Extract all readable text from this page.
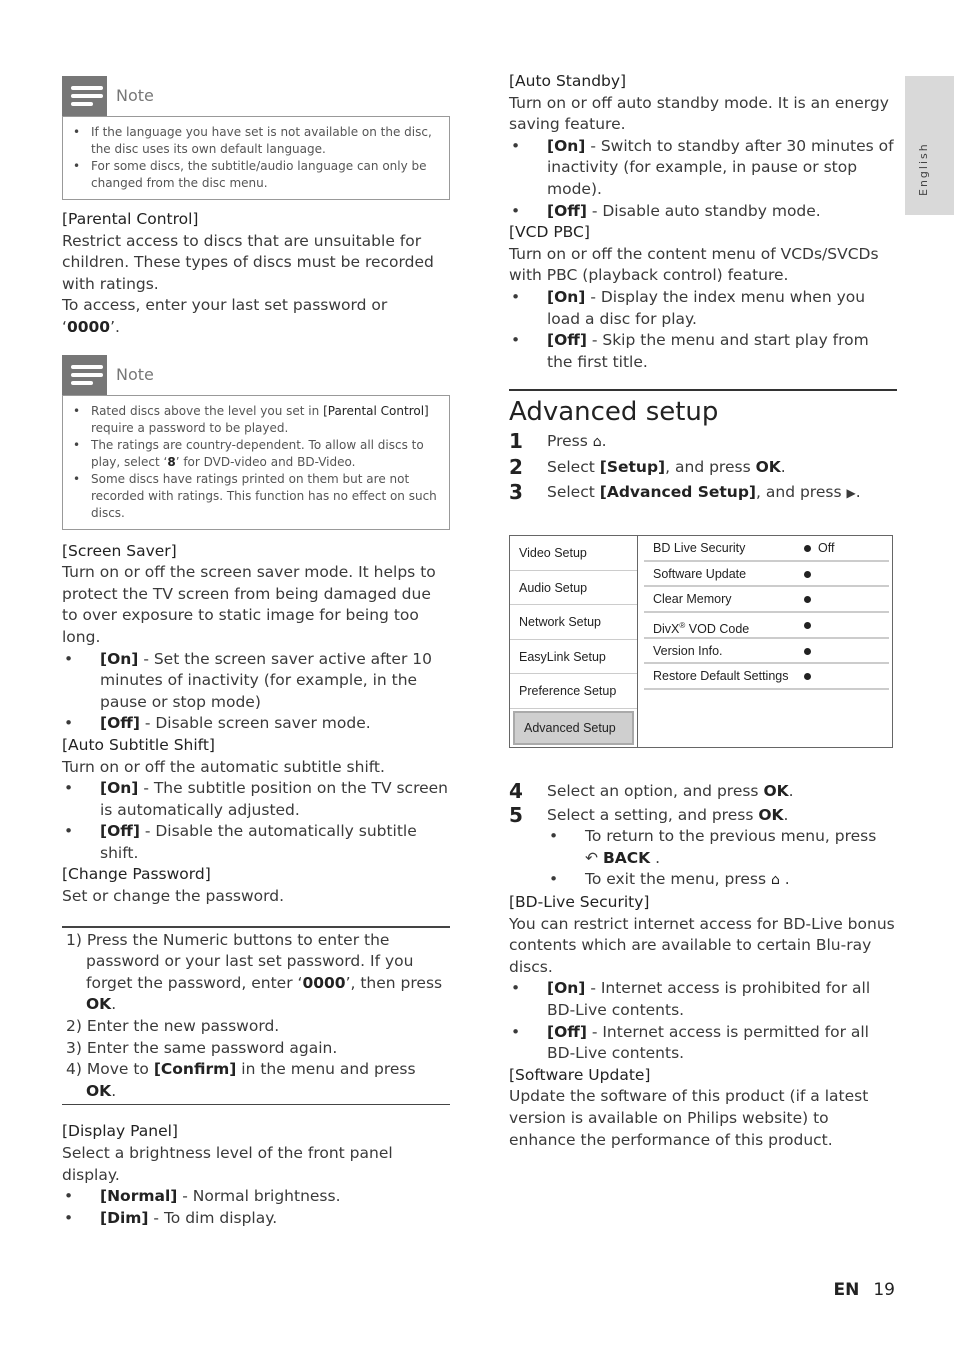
English
Note
• If the language you have set is not available on the disc, the disc uses its own default language.
• For some discs, the subtitle/audio language can only be changed from the disc menu.
[Parental Control]
Restrict access to discs that are unsuitable for children. These types of discs must be recorded with ratings.
To access, enter your last set password or ‘0000’.
Note
• Rated discs above the level you set in [Parental Control] require a password to be played.
• The ratings are country-dependent. To allow all discs to play, select ‘8’ for DVD-video and BD-Video.
• Some discs have ratings printed on them but are not recorded with ratings. This function has no effect on such discs.
[Screen Saver]
Turn on or off the screen saver mode. It helps to protect the TV screen from being damaged due to over exposure to static image for being too long.
• [On] - Set the screen saver active after 10 minutes of inactivity (for example, in the pause or stop mode)
• [Off] - Disable screen saver mode.
[Auto Subtitle Shift]
Turn on or off the automatic subtitle shift.
• [On] - The subtitle position on the TV screen is automatically adjusted.
• [Off] - Disable the automatically subtitle shift.
[Change Password]
Set or change the password.
1) Press the Numeric buttons to enter the password or your last set password. If you forget the password, enter ‘0000’, then press OK.
2) Enter the new password.
3) Enter the same password again.
4) Move to [Confirm] in the menu and press OK.
[Display Panel]
Select a brightness level of the front panel display.
• [Normal] - Normal brightness.
• [Dim] - To dim display.
[Auto Standby]
Turn on or off auto standby mode. It is an energy saving feature.
• [On] - Switch to standby after 30 minutes of inactivity (for example, in pause or stop mode).
• [Off] - Disable auto standby mode.
[VCD PBC]
Turn on or off the content menu of VCDs/SVCDs with PBC (playback control) feature.
• [On] - Display the index menu when you load a disc for play.
• [Off] - Skip the menu and start play from the first title.
Advanced setup
1	Press ⌂.
2	Select [Setup], and press OK.
3	Select [Advanced Setup], and press ▶.
Video Setup
Audio Setup
Network Setup
EasyLink Setup
Preference Setup
Advanced Setup
BD Live Security	Off
Software Update
Clear Memory
DivX® VOD Code
Version Info.
Restore Default Settings
4	Select an option, and press OK.
5	Select a setting, and press OK.
• To return to the previous menu, press
↶ BACK .
• To exit the menu, press ⌂ .
[BD-Live Security]
You can restrict internet access for BD-Live bonus contents which are available to certain Blu-ray discs.
• [On] - Internet access is prohibited for all BD-Live contents.
• [Off] - Internet access is permitted for all BD-Live contents.
[Software Update]
Update the software of this product (if a latest version is available on Philips website) to enhance the performance of this product.
EN 19
